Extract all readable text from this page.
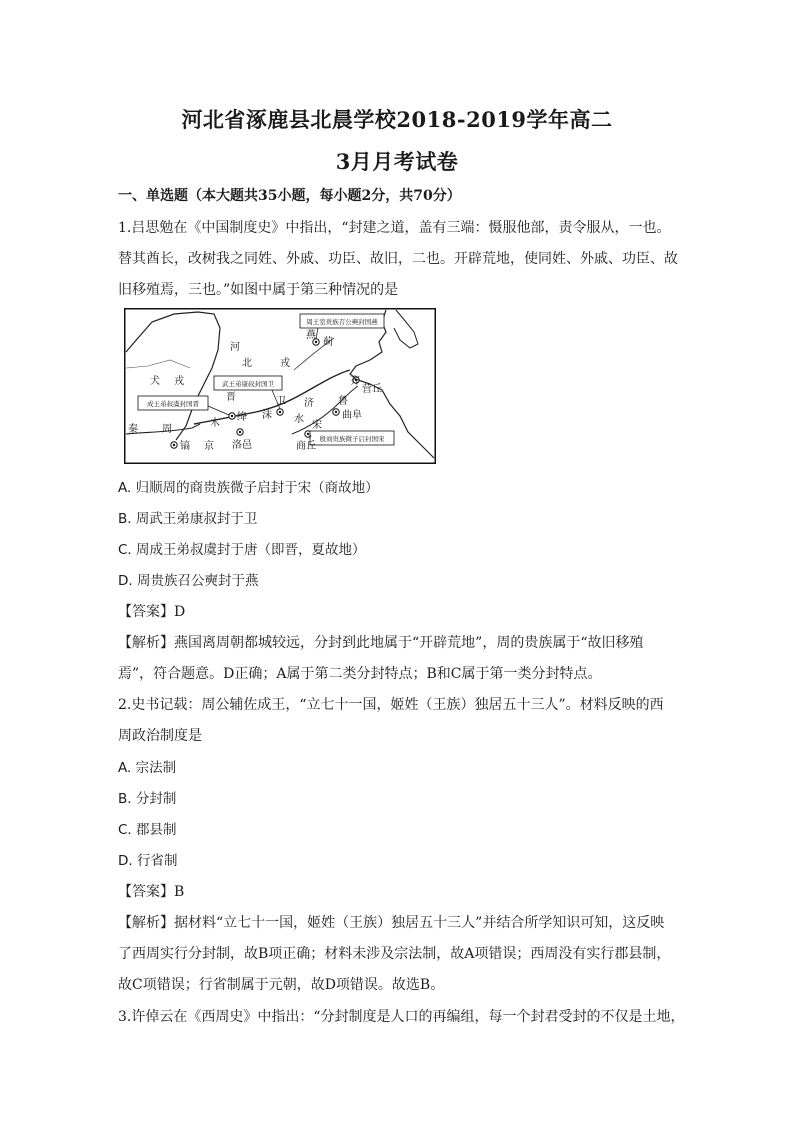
河北省涿鹿县北晨学校2018-2019学年高二
3月月考试卷
一、单选题（本大题共35小题，每小题2分，共70分）
1.吕思勉在《中国制度史》中指出，“封建之道，盖有三端：慑服他部，责令服从，一也。
替其酋长，改树我之同姓、外戚、功臣、故旧，二也。开辟荒地，使同姓、外戚、功臣、故
旧移殖焉，三也。”如图中属于第三种情况的是
周王室贵族召公奭封国燕
武王弟康叔封国卫
成王弟叔虞封国晋
殷商贵族微子启封国宋
河
北	戎
燕
蓟
犬 戎	齐
营丘
晋	卫 济 鲁
绛 沫	曲阜
木	水
宋
秦 周
镐 京 洛邑	商丘
A. 归顺周的商贵族微子启封于宋（商故地）
B. 周武王弟康叔封于卫
C. 周成王弟叔虞封于唐（即晋，夏故地）
D. 周贵族召公奭封于燕
【答案】D
【解析】燕国离周朝都城较远，分封到此地属于“开辟荒地”，周的贵族属于“故旧移殖
焉”，符合题意。D正确；A属于第二类分封特点；B和C属于第一类分封特点。
2.史书记载：周公辅佐成王，“立七十一国，姬姓（王族）独居五十三人”。材料反映的西
周政治制度是
A. 宗法制
B. 分封制
C. 郡县制
D. 行省制
【答案】B
【解析】据材料“立七十一国，姬姓（王族）独居五十三人”并结合所学知识可知，这反映
了西周实行分封制，故B项正确；材料未涉及宗法制，故A项错误；西周没有实行郡县制，
故C项错误；行省制属于元朝，故D项错误。故选B。
3.许倬云在《西周史》中指出：“分封制度是人口的再编组，每一个封君受封的不仅是土地，
